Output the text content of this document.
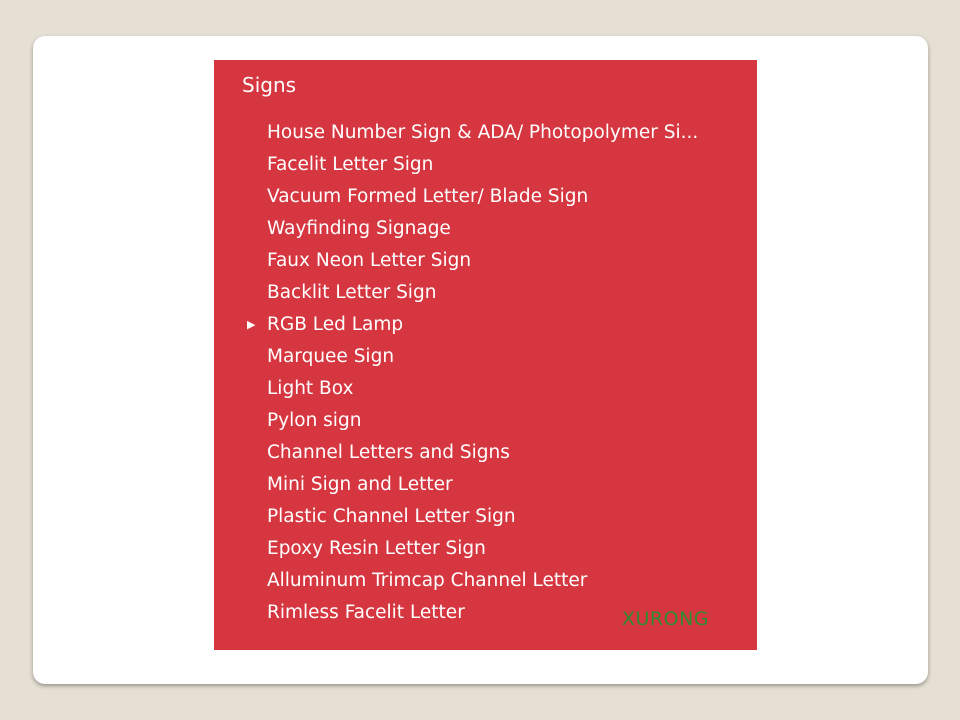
Signs
House Number Sign & ADA/ Photopolymer Si...
Facelit Letter Sign
Vacuum Formed Letter/ Blade Sign
Wayfinding Signage
Faux Neon Letter Sign
Backlit Letter Sign
▶ RGB Led Lamp
Marquee Sign
Light Box
Pylon sign
Channel Letters and Signs
Mini Sign and Letter
Plastic Channel Letter Sign
Epoxy Resin Letter Sign
Alluminum Trimcap Channel Letter
Rimless Facelit Letter	XURONG
